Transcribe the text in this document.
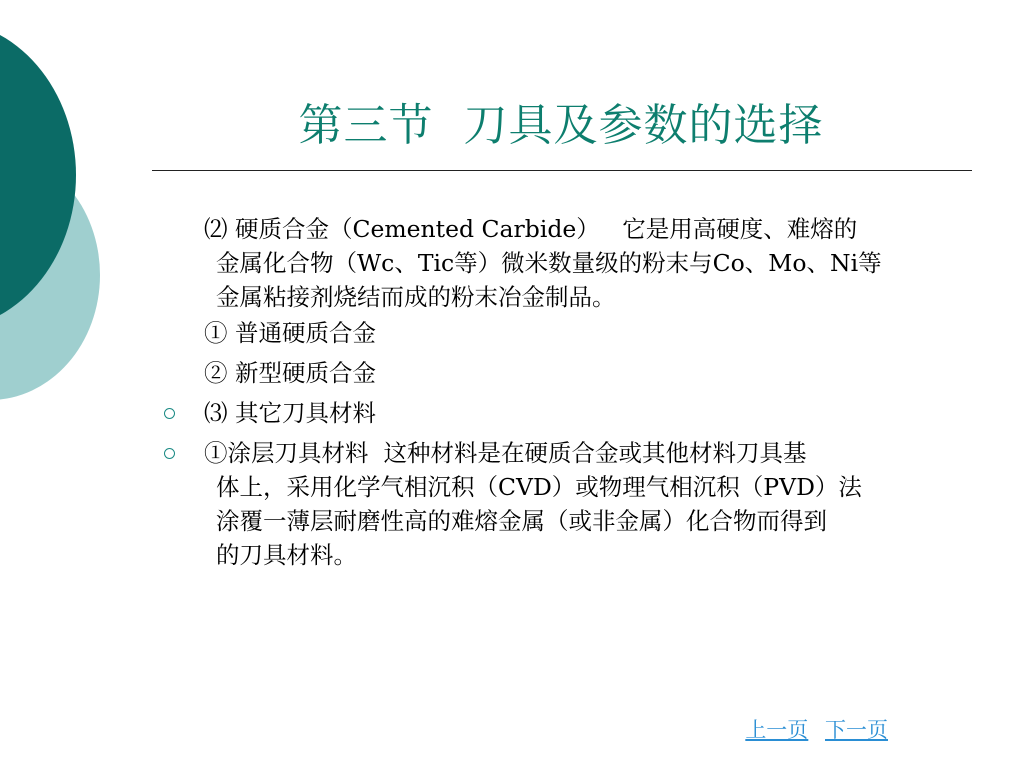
第三节  刀具及参数的选择
⑵ 硬质合金（Cemented Carbide）   它是用高硬度、难熔的
金属化合物（Wc、Tic等）微米数量级的粉末与Co、Mo、Ni等
金属粘接剂烧结而成的粉末冶金制品。
① 普通硬质合金
② 新型硬质合金
⑶ 其它刀具材料
①涂层刀具材料  这种材料是在硬质合金或其他材料刀具基
体上，采用化学气相沉积（CVD）或物理气相沉积（PVD）法
涂覆一薄层耐磨性高的难熔金属（或非金属）化合物而得到
的刀具材料。
上一页 下一页
